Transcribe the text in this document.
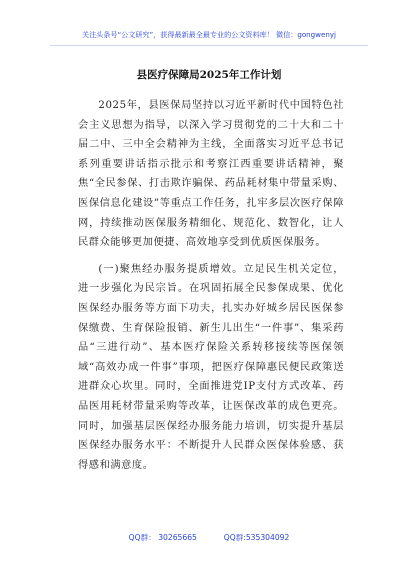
关注头条号“公文研究”，获得最新最全最专业的公文资料库！ 微信：gongwenyj
县医疗保障局2025年工作计划

2025年，县医保局坚持以习近平新时代中国特色社会主义思想为指导，以深入学习贯彻党的二十大和二十届二中、三中全会精神为主线，全面落实习近平总书记系列重要讲话指示批示和考察江西重要讲话精神，聚焦“全民参保、打击欺诈骗保、药品耗材集中带量采购、医保信息化建设”等重点工作任务，扎牢多层次医疗保障网，持续推动医保服务精细化、规范化、数智化，让人民群众能够更加便捷、高效地享受到优质医保服务。

(一)聚焦经办服务提质增效。立足民生机关定位，进一步强化为民宗旨。在巩固拓展全民参保成果、优化医保经办服务等方面下功夫，扎实办好城乡居民医保参保缴费、生育保险报销、新生儿出生“一件事”、集采药品“三进行动”、基本医疗保险关系转移接续等医保领域“高效办成一件事”事项，把医疗保障惠民便民政策送进群众心坎里。同时，全面推进党IP支付方式改革、药品医用耗材带量采购等改革，让医保改革的成色更亮。同时，加强基层医保经办服务能力培训，切实提升基层医保经办服务水平：不断提升人民群众医保体验感、获得感和满意度。

QQ群： 30265665	QQ群:535304092
